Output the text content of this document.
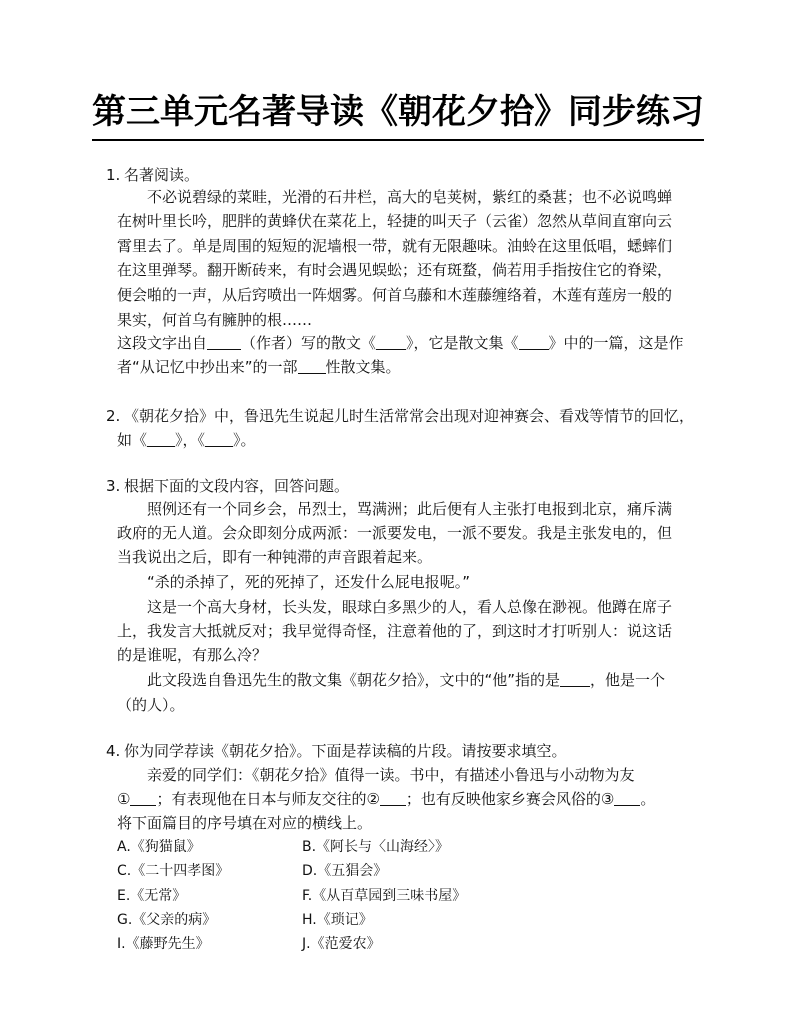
第三单元名著导读《朝花夕拾》同步练习
1. 名著阅读。
不必说碧绿的菜畦，光滑的石井栏，高大的皂荚树，紫红的桑葚；也不必说鸣蝉
在树叶里长吟，肥胖的黄蜂伏在菜花上，轻捷的叫天子（云雀）忽然从草间直窜向云
霄里去了。单是周围的短短的泥墙根一带，就有无限趣味。油蛉在这里低唱，蟋蟀们
在这里弹琴。翻开断砖来，有时会遇见蜈蚣；还有斑蝥，倘若用手指按住它的脊梁，
便会啪的一声，从后窍喷出一阵烟雾。何首乌藤和木莲藤缠络着，木莲有莲房一般的
果实，何首乌有臃肿的根……
这段文字出自 （作者）写的散文《 》，它是散文集《 》中的一篇，这是作
者“从记忆中抄出来”的一部 性散文集。
2. 《朝花夕拾》中，鲁迅先生说起儿时生活常常会出现对迎神赛会、看戏等情节的回忆，
如《 》，《 》。
3. 根据下面的文段内容，回答问题。
照例还有一个同乡会，吊烈士，骂满洲；此后便有人主张打电报到北京，痛斥满
政府的无人道。会众即刻分成两派：一派要发电，一派不要发。我是主张发电的，但
当我说出之后，即有一种钝滞的声音跟着起来。
“杀的杀掉了，死的死掉了，还发什么屁电报呢。”
这是一个高大身材，长头发，眼球白多黑少的人，看人总像在渺视。他蹲在席子
上，我发言大抵就反对；我早觉得奇怪，注意着他的了，到这时才打听别人：说这话
的是谁呢，有那么冷？
此文段选自鲁迅先生的散文集《朝花夕拾》，文中的“他”指的是 ，他是一个
（的人）。
4. 你为同学荐读《朝花夕拾》。下面是荐读稿的片段。请按要求填空。
亲爱的同学们：《朝花夕拾》值得一读。书中，有描述小鲁迅与小动物为友
① ；有表现他在日本与师友交往的② ；也有反映他家乡赛会风俗的③ 。
将下面篇目的序号填在对应的横线上。
A.《狗猫鼠》	B.《阿长与〈山海经〉》
C.《二十四孝图》	D.《五猖会》
E.《无常》	F.《从百草园到三味书屋》
G.《父亲的病》	H.《琐记》
I.《藤野先生》	J.《范爱农》
